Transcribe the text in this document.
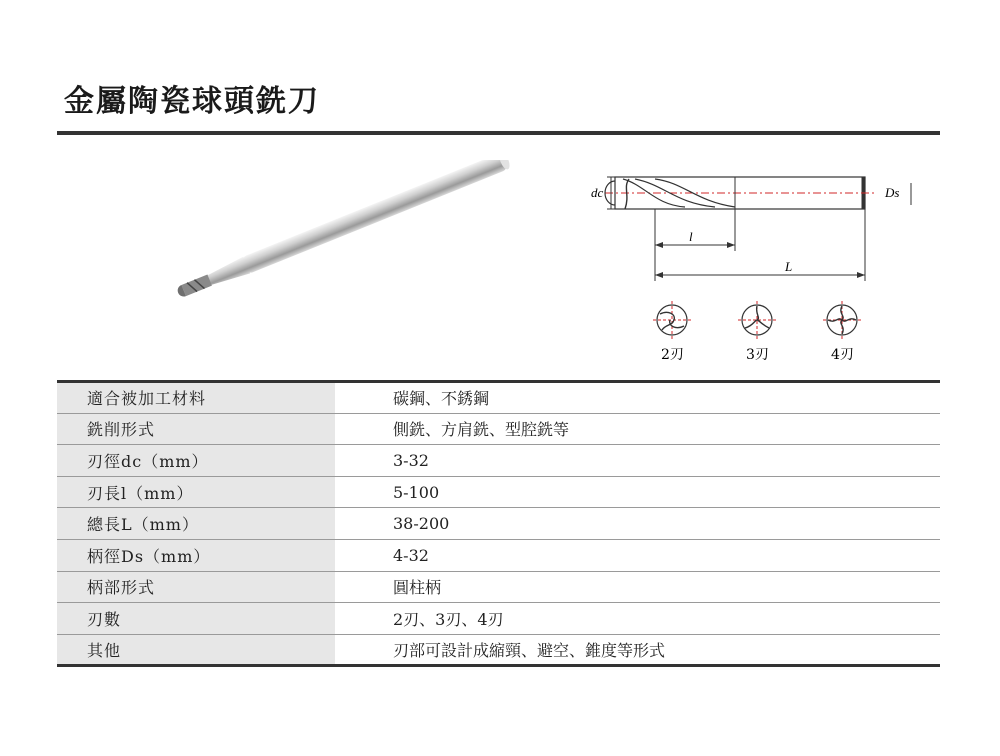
金屬陶瓷球頭銑刀
dc	Ds
l
L
2刃	3刃	4刃
適合被加工材料	碳鋼、不銹鋼
銑削形式	側銑、方肩銑、型腔銑等
刃徑dc（mm）	3-32
刃長l（mm）	5-100
總長L（mm）	38-200
柄徑Ds（mm）	4-32
柄部形式	圓柱柄
刃數	2刃、3刃、4刃
其他	刃部可設計成縮頸、避空、錐度等形式
